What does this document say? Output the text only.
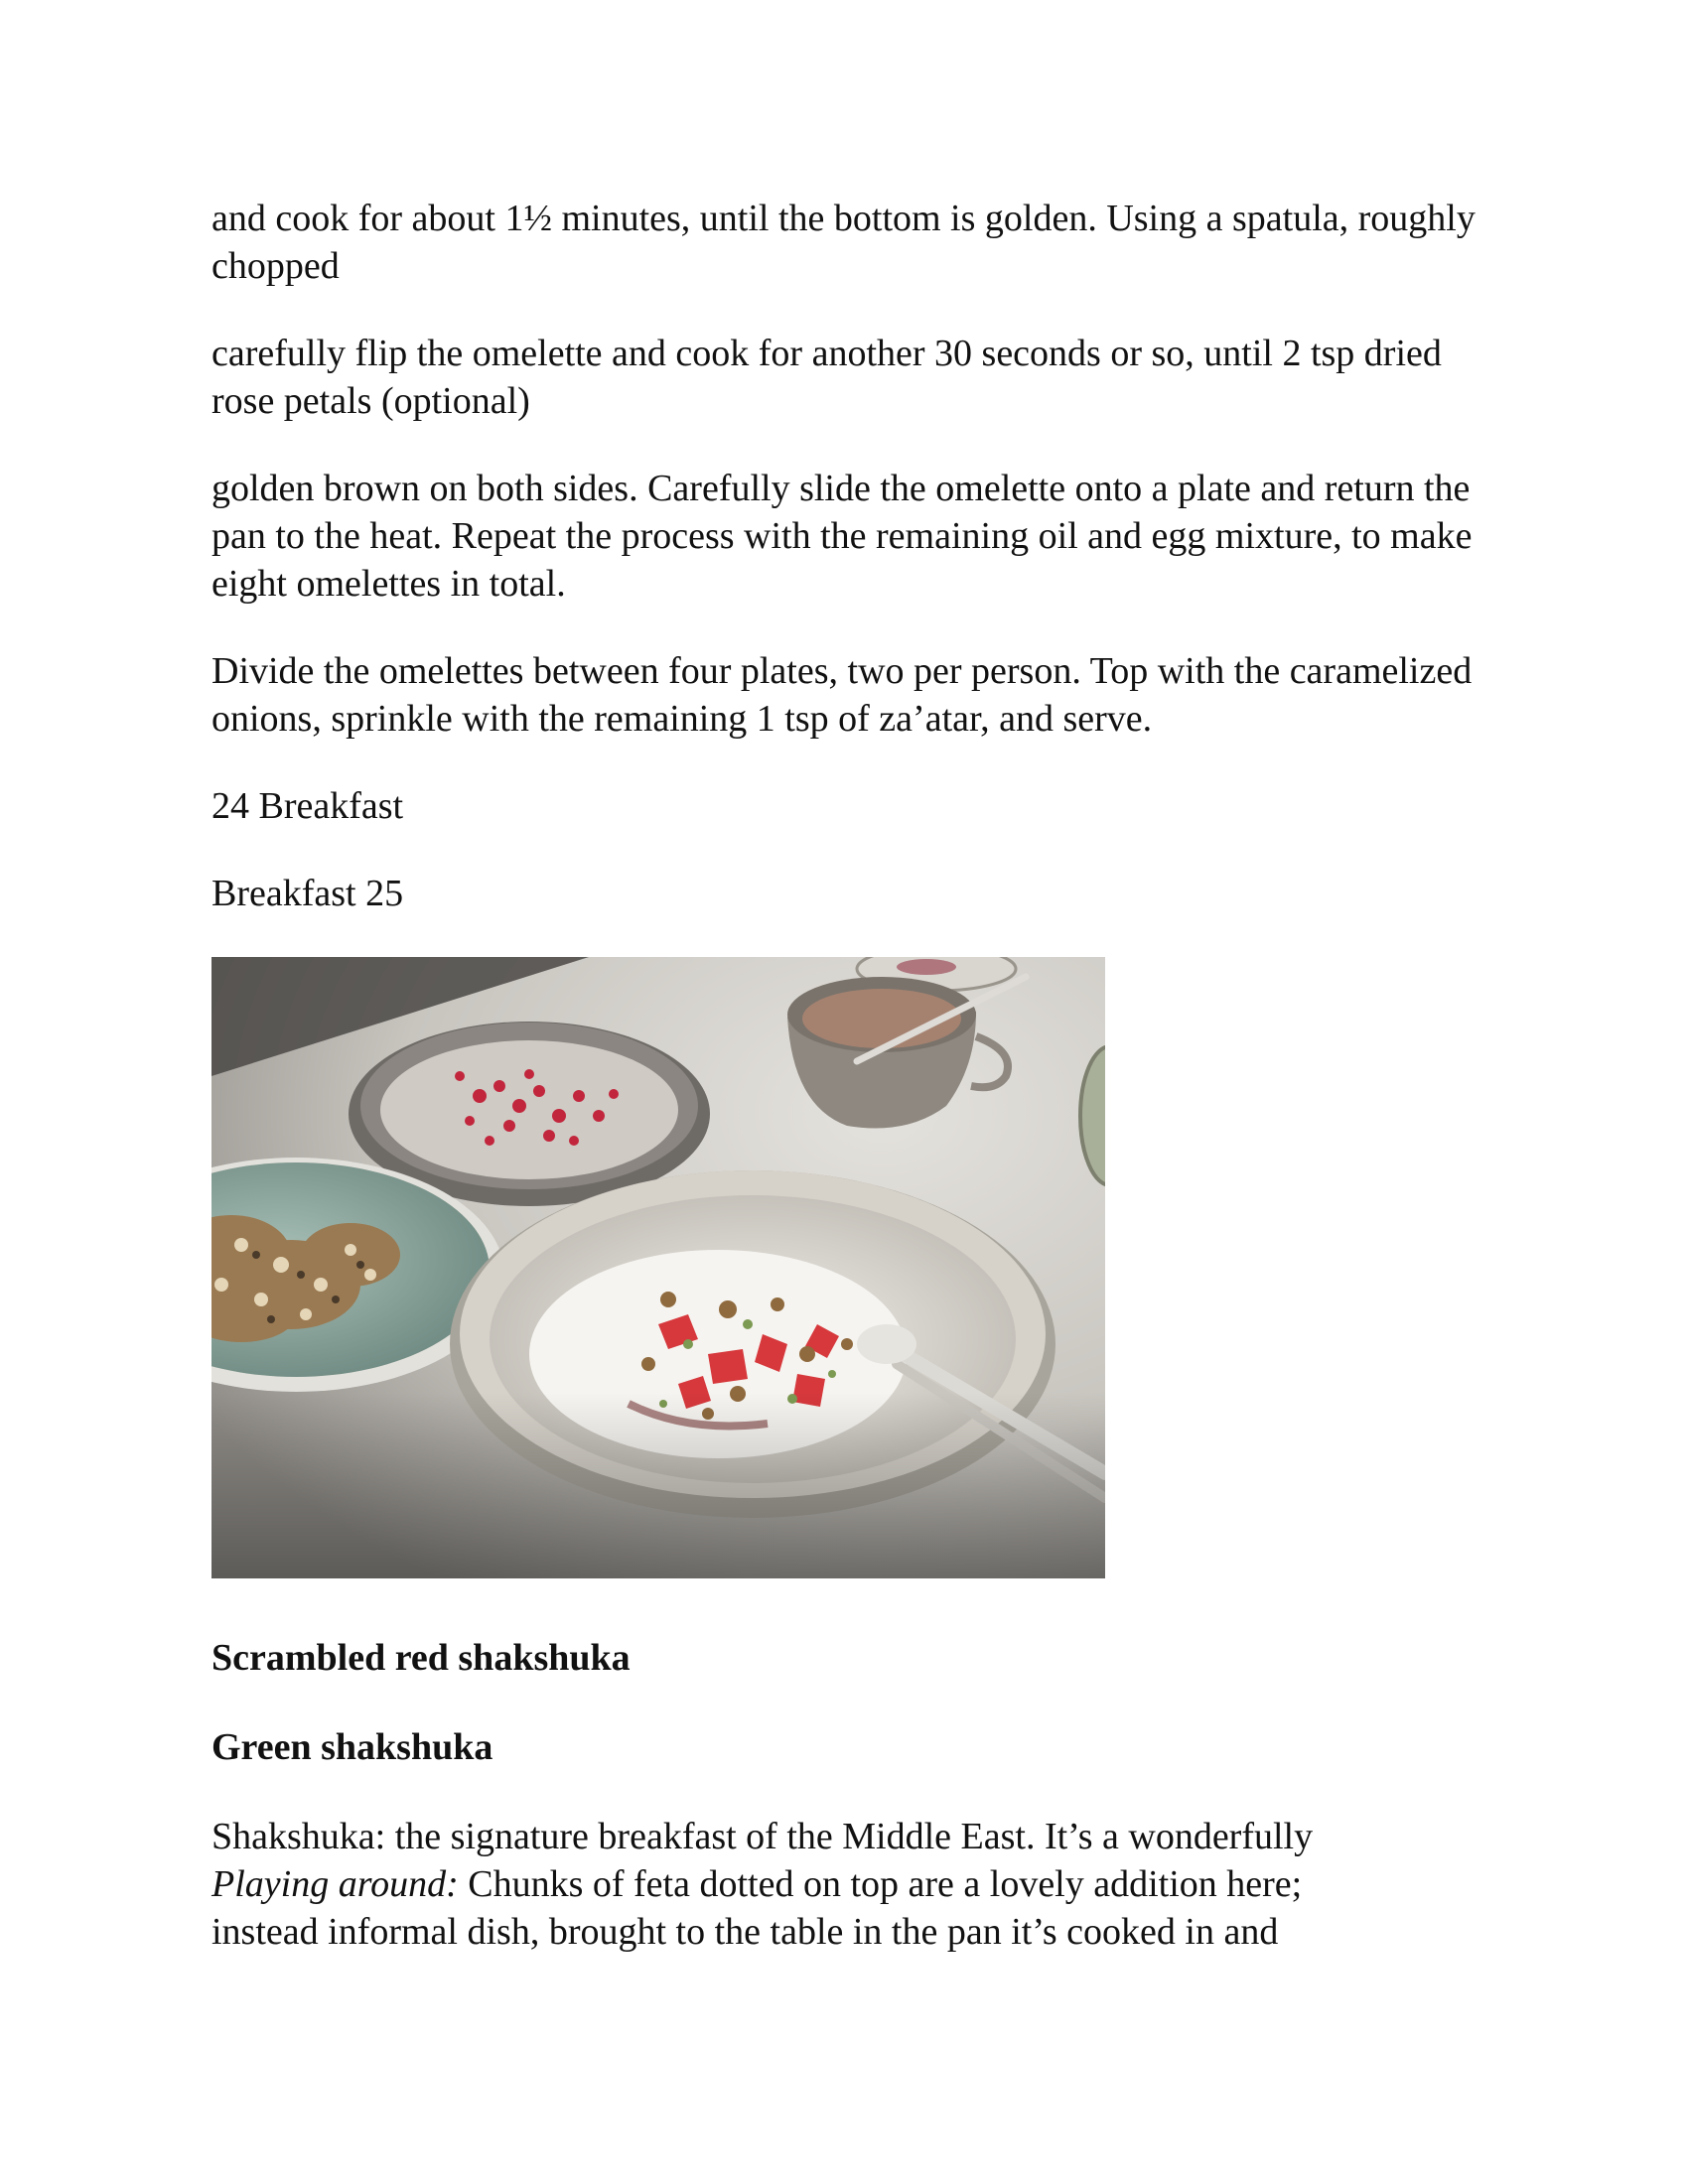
and cook for about 1½ minutes, until the bottom is golden. Using a spatula, roughly chopped

carefully flip the omelette and cook for another 30 seconds or so, until 2 tsp dried rose petals (optional)

golden brown on both sides. Carefully slide the omelette onto a plate and return the pan to the heat. Repeat the process with the remaining oil and egg mixture, to make eight omelettes in total.

Divide the omelettes between four plates, two per person. Top with the caramelized onions, sprinkle with the remaining 1 tsp of za’atar, and serve.

24 Breakfast

Breakfast 25

Scrambled red shakshuka

Green shakshuka

Shakshuka: the signature breakfast of the Middle East. It’s a wonderfully
Playing around: Chunks of feta dotted on top are a lovely addition here;
instead informal dish, brought to the table in the pan it’s cooked in and
